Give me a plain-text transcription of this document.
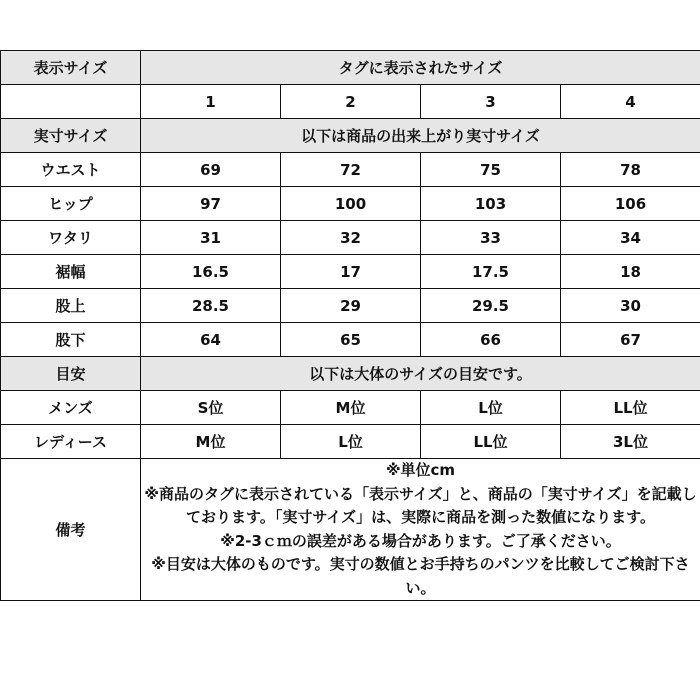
表示サイズ	タグに表示されたサイズ			
	1	2	3	4
実寸サイズ	以下は商品の出来上がり実寸サイズ			
ウエスト	69	72	75	78
ヒップ	97	100	103	106
ワタリ	31	32	33	34
裾幅	16.5	17	17.5	18
股上	28.5	29	29.5	30
股下	64	65	66	67
目安	以下は大体のサイズの目安です。			
メンズ	S位	M位	L位	LL位
レディース	M位	L位	LL位	3L位
備考	※単位cm
※商品のタグに表示されている「表示サイズ」と、商品の「実寸サイズ」を記載しております。「実寸サイズ」は、実際に商品を測った数値になります。
※2-3ｃｍの誤差がある場合があります。ご了承ください。
※目安は大体のものです。実寸の数値とお手持ちのパンツを比較してご検討下さい。			
